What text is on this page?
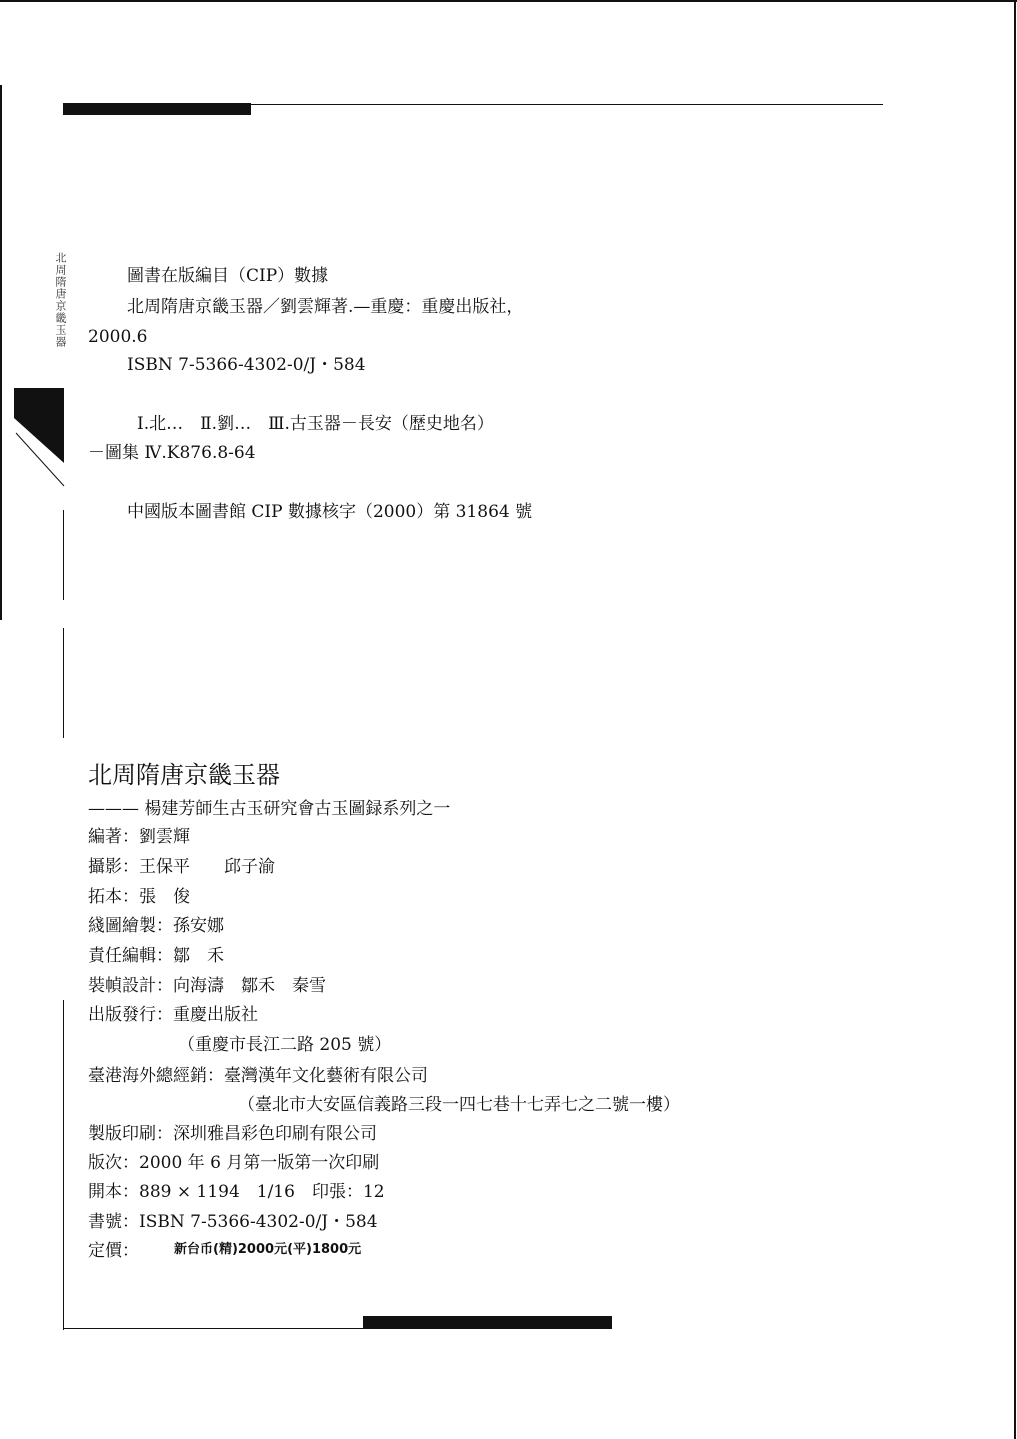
北周隋唐京畿玉器	圖書在版編目（CIP）數據
北周隋唐京畿玉器／劉雲輝著.—重慶：重慶出版社，
2000.6
ISBN 7-5366-4302-0/J・584
Ⅰ.北…　Ⅱ.劉…　Ⅲ.古玉器－長安（歷史地名）
－圖集 Ⅳ.K876.8-64
中國版本圖書館 CIP 數據核字（2000）第 31864 號
北周隋唐京畿玉器
——— 楊建芳師生古玉研究會古玉圖録系列之一
編著：劉雲輝
攝影：王保平　　邱子渝
拓本：張　俊
綫圖繪製：孫安娜
責任編輯：鄒　禾
裝幀設計：向海濤　鄒禾　秦雪
出版發行：重慶出版社
（重慶市長江二路 205 號）
臺港海外總經銷：臺灣漢年文化藝術有限公司
（臺北市大安區信義路三段一四七巷十七弄七之二號一樓）
製版印刷：深圳雅昌彩色印刷有限公司
版次：2000 年 6 月第一版第一次印刷
開本：889 × 1194　1/16　印張：12
書號：ISBN 7-5366-4302-0/J・584
定價：	新台币(精)2000元(平)1800元
